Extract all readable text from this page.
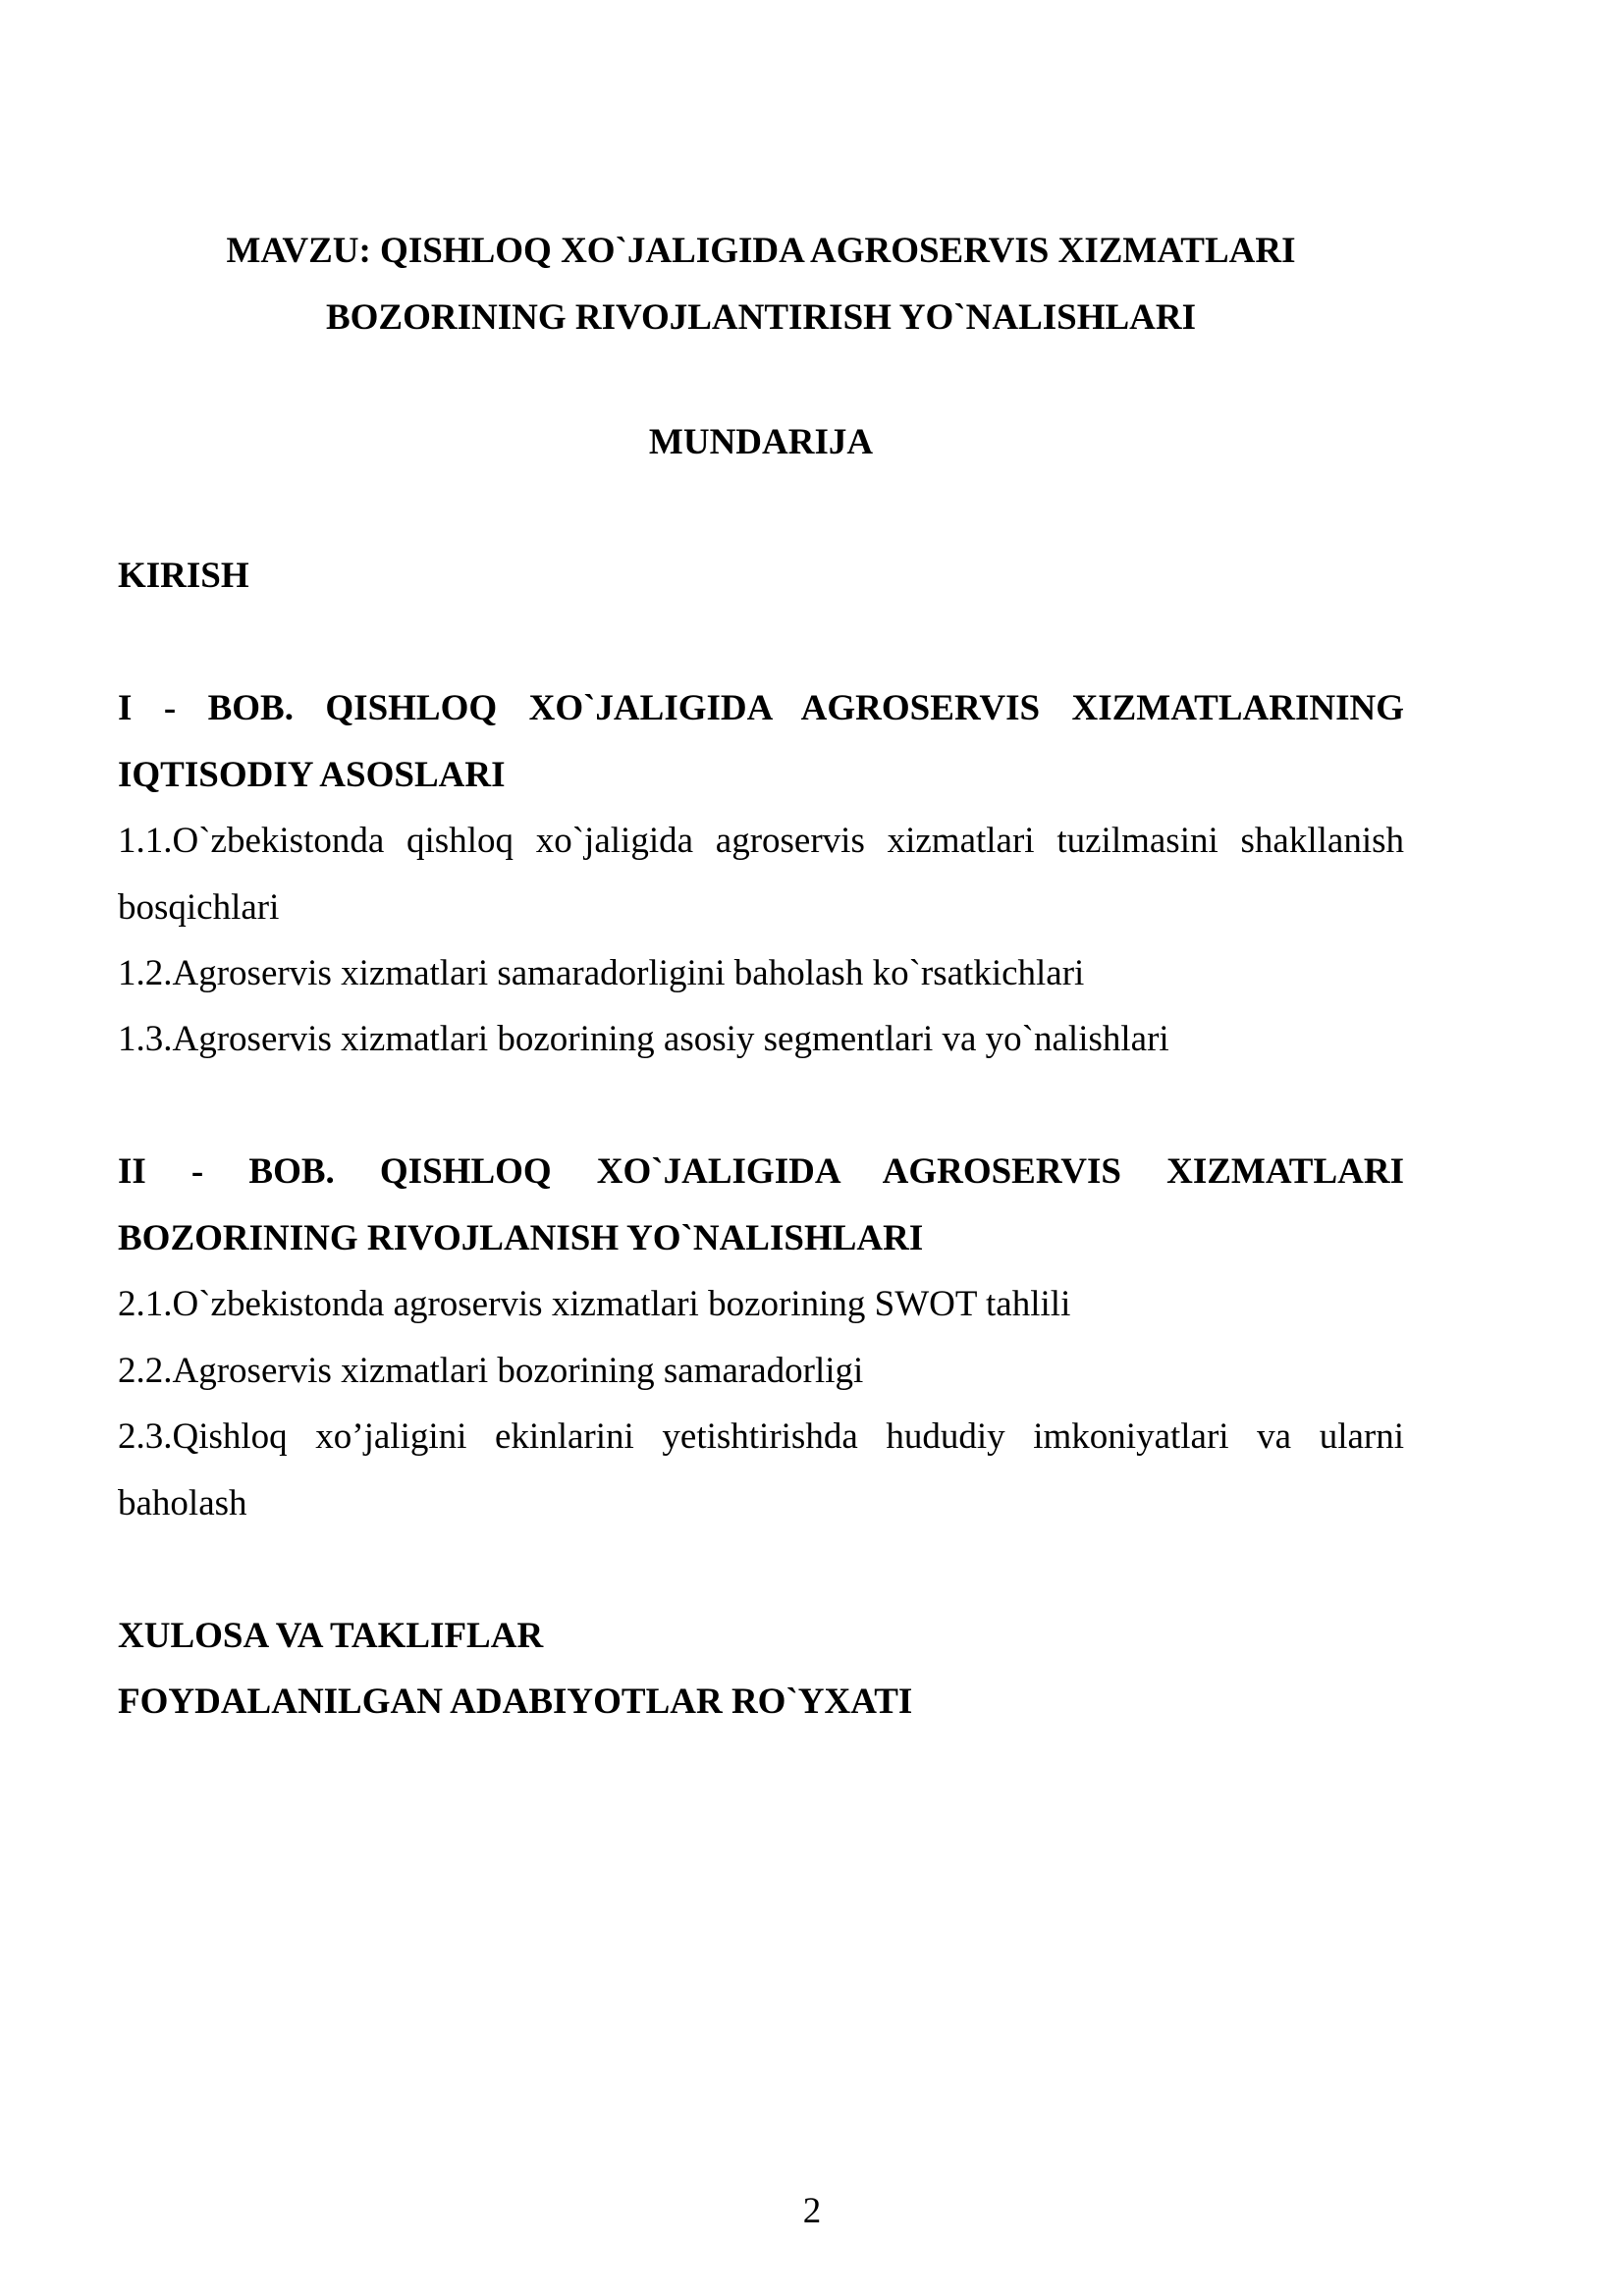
MAVZU: QISHLOQ XO`JALIGIDA AGROSERVIS XIZMATLARI
BOZORINING RIVOJLANTIRISH YO`NALISHLARI
MUNDARIJA
KIRISH
I - BOB. QISHLOQ XO`JALIGIDA AGROSERVIS XIZMATLARINING IQTISODIY ASOSLARI
1.1.O`zbekistonda qishloq xo`jaligida agroservis xizmatlari tuzilmasini shakllanish bosqichlari
1.2.Agroservis xizmatlari samaradorligini baholash ko`rsatkichlari
1.3.Agroservis xizmatlari bozorining asosiy segmentlari va yo`nalishlari
II - BOB. QISHLOQ XO`JALIGIDA AGROSERVIS XIZMATLARI BOZORINING RIVOJLANISH YO`NALISHLARI
2.1.O`zbekistonda agroservis xizmatlari bozorining SWOT tahlili
2.2.Agroservis xizmatlari bozorining samaradorligi
2.3.Qishloq xo’jaligini ekinlarini yetishtirishda hududiy imkoniyatlari va ularni baholash
XULOSA VA TAKLIFLAR
FOYDALANILGAN ADABIYOTLAR RO`YXATI
2
